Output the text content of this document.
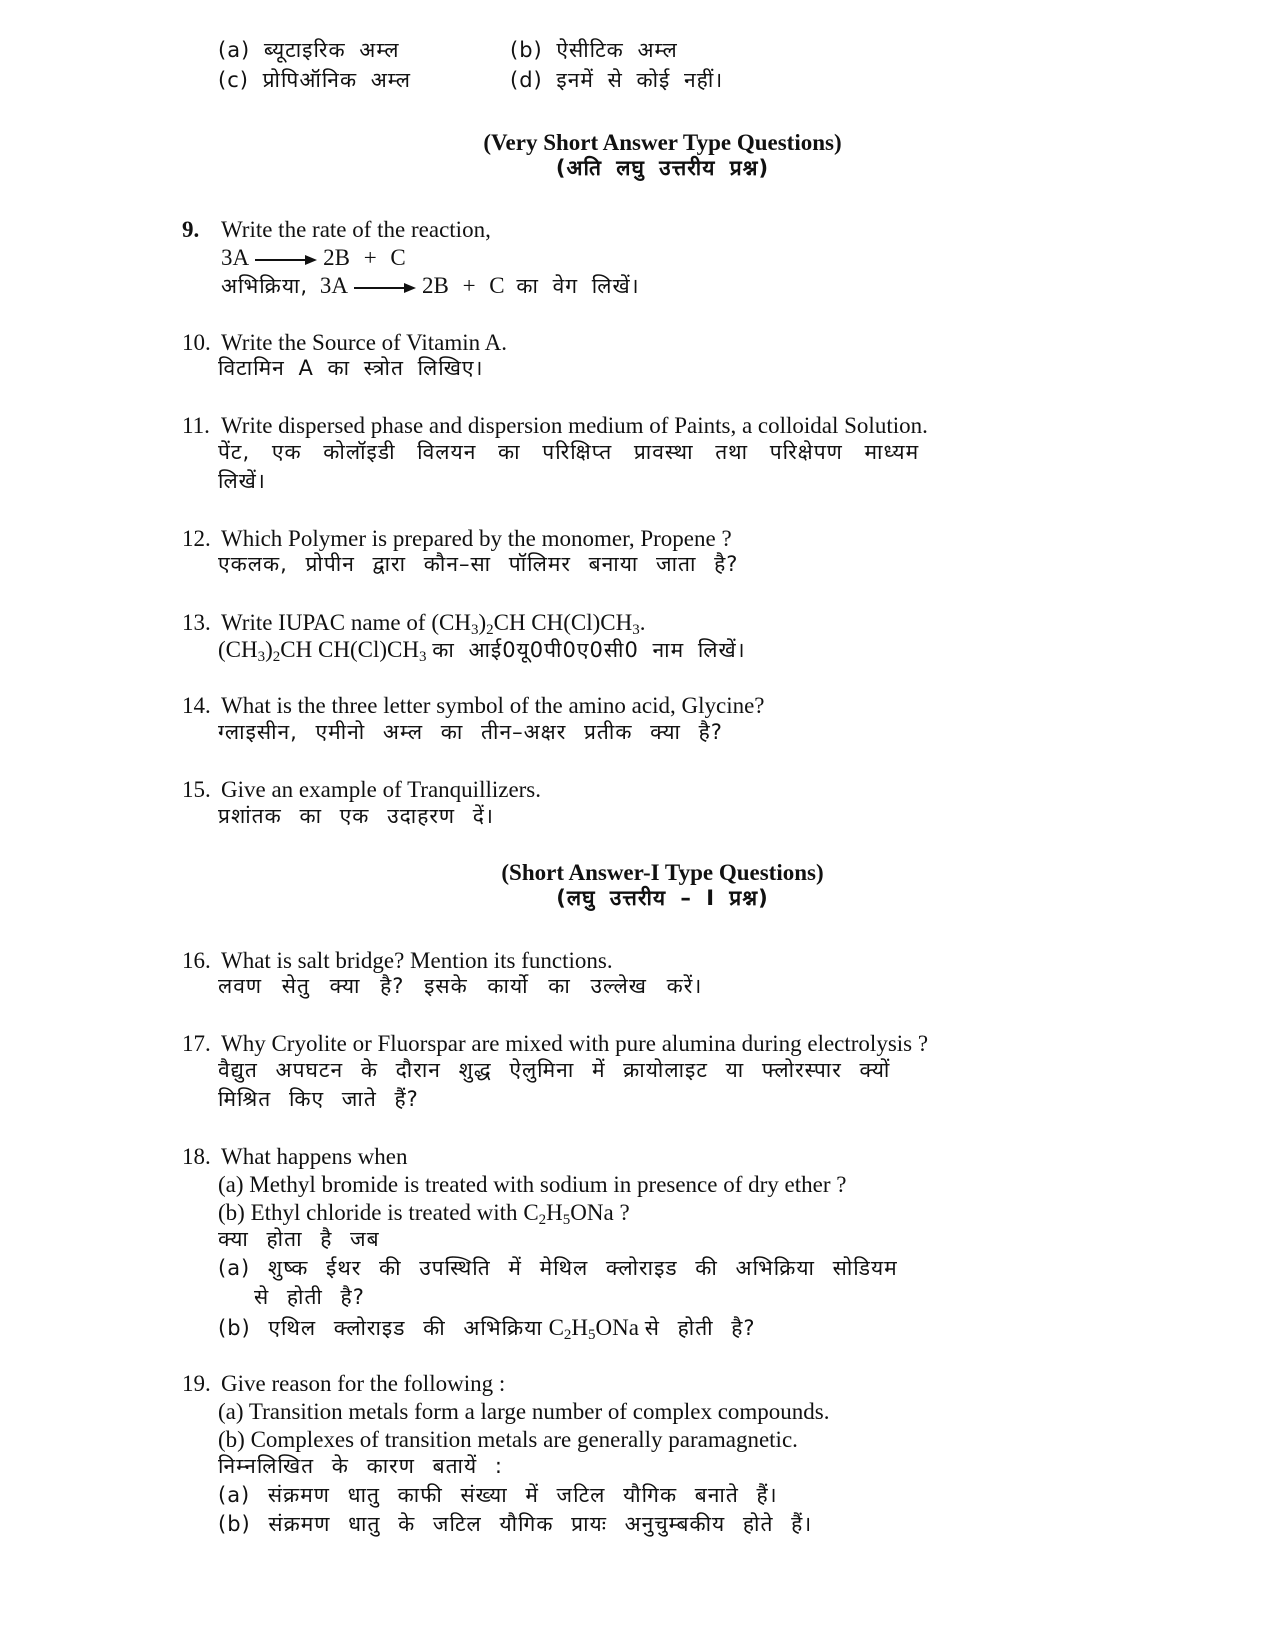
(a) ब्यूटाइरिक अम्ल	(b) ऐसीटिक अम्ल
(c) प्रोपिऑनिक अम्ल	(d) इनमें से कोई नहीं।
(Very Short Answer Type Questions)
(अति लघु उत्तरीय प्रश्न)
9. Write the rate of the reaction,
3A	2B + C
अभिक्रिया, 3A	2B + C का वेग लिखें।
10. Write the Source of Vitamin A.
विटामिन A का स्त्रोत लिखिए।
11. Write dispersed phase and dispersion medium of Paints, a colloidal Solution.
पेंट, एक कोलॉइडी विलयन का परिक्षिप्त प्रावस्था तथा परिक्षेपण माध्यम
लिखें।
12. Which Polymer is prepared by the monomer, Propene ?
एकलक, प्रोपीन द्वारा कौन–सा पॉलिमर बनाया जाता है?
13. Write IUPAC name of $(CH_3)_2CH$ $CH(Cl)CH_3$.
$(CH_3)_2CH$ $CH(Cl)CH_3$ का आई0यू0पी0ए0सी0 नाम लिखें।
14. What is the three letter symbol of the amino acid, Glycine?
ग्लाइसीन, एमीनो अम्ल का तीन–अक्षर प्रतीक क्या है?
15. Give an example of Tranquillizers.
प्रशांतक का एक उदाहरण दें।
(Short Answer-I Type Questions)
(लघु उत्तरीय – I प्रश्न)
16. What is salt bridge? Mention its functions.
लवण सेतु क्या है? इसके कार्यो का उल्लेख करें।
17. Why Cryolite or Fluorspar are mixed with pure alumina during electrolysis ?
वैद्युत अपघटन के दौरान शुद्ध ऐलुमिना में क्रायोलाइट या फ्लोरस्पार क्यों
मिश्रित किए जाते हैं?
18. What happens when
(a) Methyl bromide is treated with sodium in presence of dry ether ?
(b) Ethyl chloride is treated with $C_2H_5ONa$ ?
क्या होता है जब
(a) शुष्क ईथर की उपस्थिति में मेथिल क्लोराइड की अभिक्रिया सोडियम
से होती है?
(b) एथिल क्लोराइड की अभिक्रिया $C_2H_5ONa$ से होती है?
19. Give reason for the following :
(a) Transition metals form a large number of complex compounds.
(b) Complexes of transition metals are generally paramagnetic.
निम्नलिखित के कारण बतायें :
(a) संक्रमण धातु काफी संख्या में जटिल यौगिक बनाते हैं।
(b) संक्रमण धातु के जटिल यौगिक प्रायः अनुचुम्बकीय होते हैं।
